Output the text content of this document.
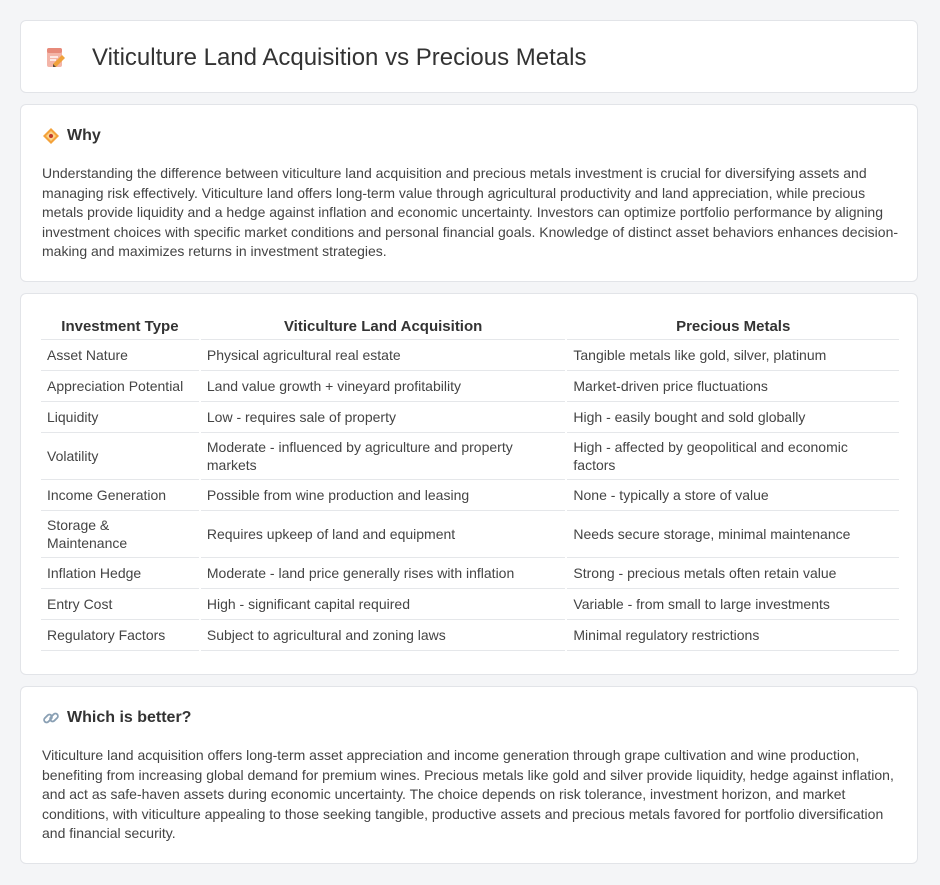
Viticulture Land Acquisition vs Precious Metals
Why

Understanding the difference between viticulture land acquisition and precious metals investment is crucial for diversifying assets and managing risk effectively. Viticulture land offers long-term value through agricultural productivity and land appreciation, while precious metals provide liquidity and a hedge against inflation and economic uncertainty. Investors can optimize portfolio performance by aligning investment choices with specific market conditions and personal financial goals. Knowledge of distinct asset behaviors enhances decision-making and maximizes returns in investment strategies.

Investment Type	Viticulture Land Acquisition	Precious Metals
Asset Nature	Physical agricultural real estate	Tangible metals like gold, silver, platinum
Appreciation Potential	Land value growth + vineyard profitability	Market-driven price fluctuations
Liquidity	Low - requires sale of property	High - easily bought and sold globally
Volatility	Moderate - influenced by agriculture and property markets	High - affected by geopolitical and economic factors
Income Generation	Possible from wine production and leasing	None - typically a store of value
Storage & Maintenance	Requires upkeep of land and equipment	Needs secure storage, minimal maintenance
Inflation Hedge	Moderate - land price generally rises with inflation	Strong - precious metals often retain value
Entry Cost	High - significant capital required	Variable - from small to large investments
Regulatory Factors	Subject to agricultural and zoning laws	Minimal regulatory restrictions
Which is better?

Viticulture land acquisition offers long-term asset appreciation and income generation through grape cultivation and wine production, benefiting from increasing global demand for premium wines. Precious metals like gold and silver provide liquidity, hedge against inflation, and act as safe-haven assets during economic uncertainty. The choice depends on risk tolerance, investment horizon, and market conditions, with viticulture appealing to those seeking tangible, productive assets and precious metals favored for portfolio diversification and financial security.
